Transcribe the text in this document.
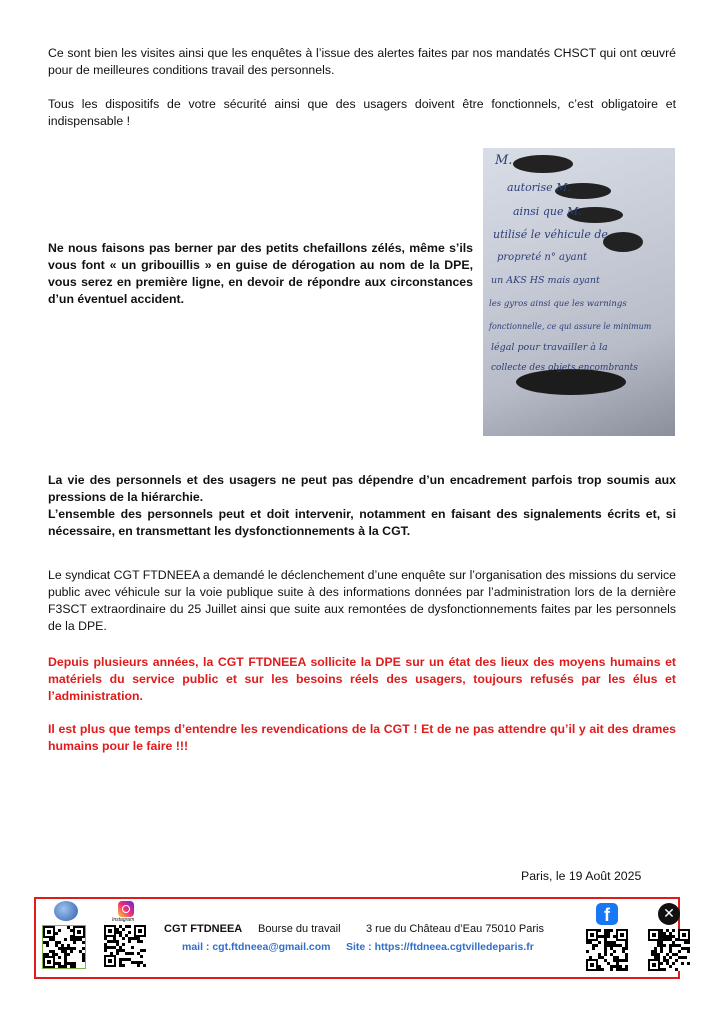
Ce sont bien les visites ainsi que les enquêtes à l’issue des alertes faites par nos mandatés CHSCT qui ont œuvré pour de meilleures conditions travail des personnels.
Tous les dispositifs de votre sécurité ainsi que des usagers doivent être fonctionnels, c’est obligatoire et indispensable !
Ne nous faisons pas berner par des petits chefaillons zélés, même s’ils vous font « un gribouillis » en guise de dérogation au nom de la DPE, vous serez en première ligne, en devoir de répondre aux circonstances d’un éventuel accident.
M.
autorise M.
ainsi que M.
utilisé le véhicule de
propreté n° ayant
un AKS HS mais ayant
les gyros ainsi que les warnings
fonctionnelle, ce qui assure le minimum
légal pour travailler à la
collecte des objets encombrants
La vie des personnels et des usagers ne peut pas dépendre d’un encadrement parfois trop soumis aux pressions de la hiérarchie.
L’ensemble des personnels peut et doit intervenir, notamment en faisant des signalements écrits et, si nécessaire, en transmettant les dysfonctionnements à la CGT.
Le syndicat CGT FTDNEEA a demandé le déclenchement d’une enquête sur l’organisation des missions du service public avec véhicule sur la voie publique suite à des informations données par l’administration lors de la dernière F3SCT extraordinaire du 25 Juillet ainsi que suite aux remontées de dysfonctionnements faites par les personnels de la DPE.
Depuis plusieurs années, la CGT FTDNEEA sollicite la DPE sur un état des lieux des moyens humains et matériels du service public et sur les besoins réels des usagers, toujours refusés par les élus et l’administration.
Il est plus que temps d’entendre les revendications de la CGT ! Et de ne pas attendre qu’il y ait des drames humains pour le faire !!!
Paris, le 19 Août 2025
Instagram
CGT FTDNEEA Bourse du travail 3 rue du Château d’Eau 75010 Paris
mail : cgt.ftdneea@gmail.com Site : https://ftdneea.cgtvilledeparis.fr
f	✕
